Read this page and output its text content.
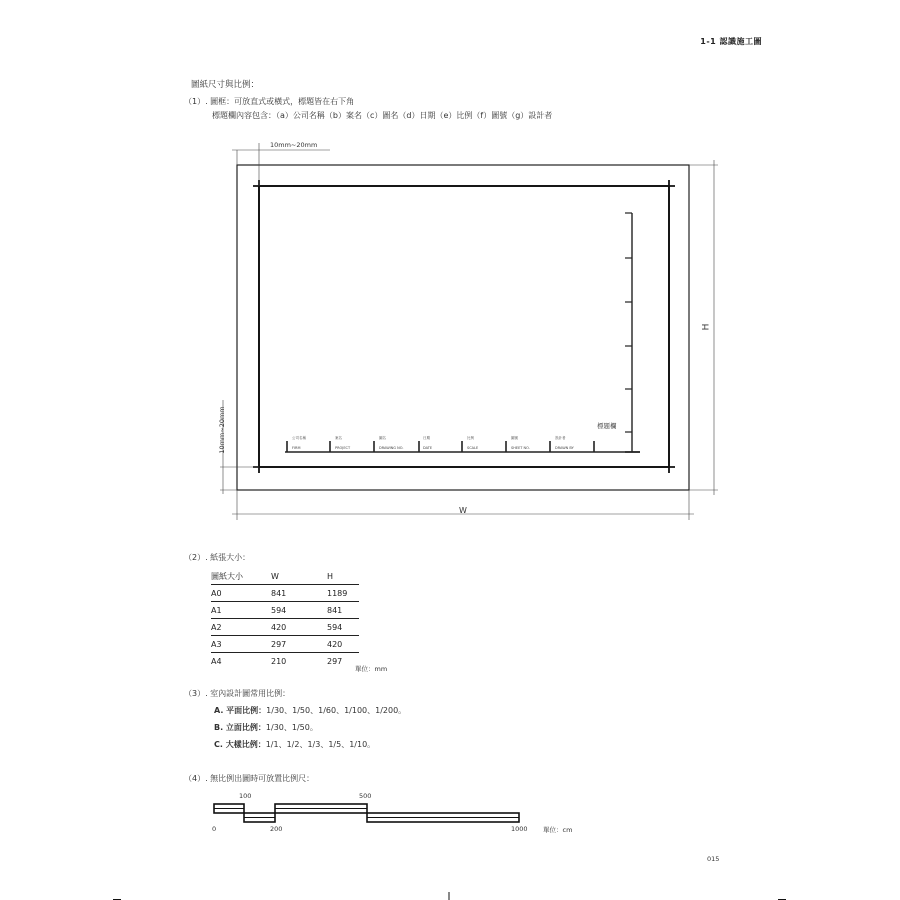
1-1 認識施工圖
圖紙尺寸與比例：
（1）. 圖框：可放直式或橫式，標題皆在右下角
標題欄內容包含：（a）公司名稱（b）案名（c）圖名（d）日期（e）比例（f）圖號（g）設計者
10mm~20mm
10mm~20mm
H
W
標題欄
公司名稱
FIRM
案名
PROJECT
圖名
DRAWING NO.
日期
DATE
比例
SCALE
圖號
SHEET NO.
設計者
DRAWN BY
（2）. 紙張大小：
圖紙大小	W	H
A0	841	1189
A1	594	841
A2	420	594
A3	297	420
A4	210	297
單位：mm
（3）. 室內設計圖常用比例：
A. 平面比例：1/30、1/50、1/60、1/100、1/200。
B. 立面比例：1/30、1/50。
C. 大樣比例：1/1、1/2、1/3、1/5、1/10。
（4）. 無比例出圖時可放置比例尺：
100	500
0	200	1000 單位：cm
015
